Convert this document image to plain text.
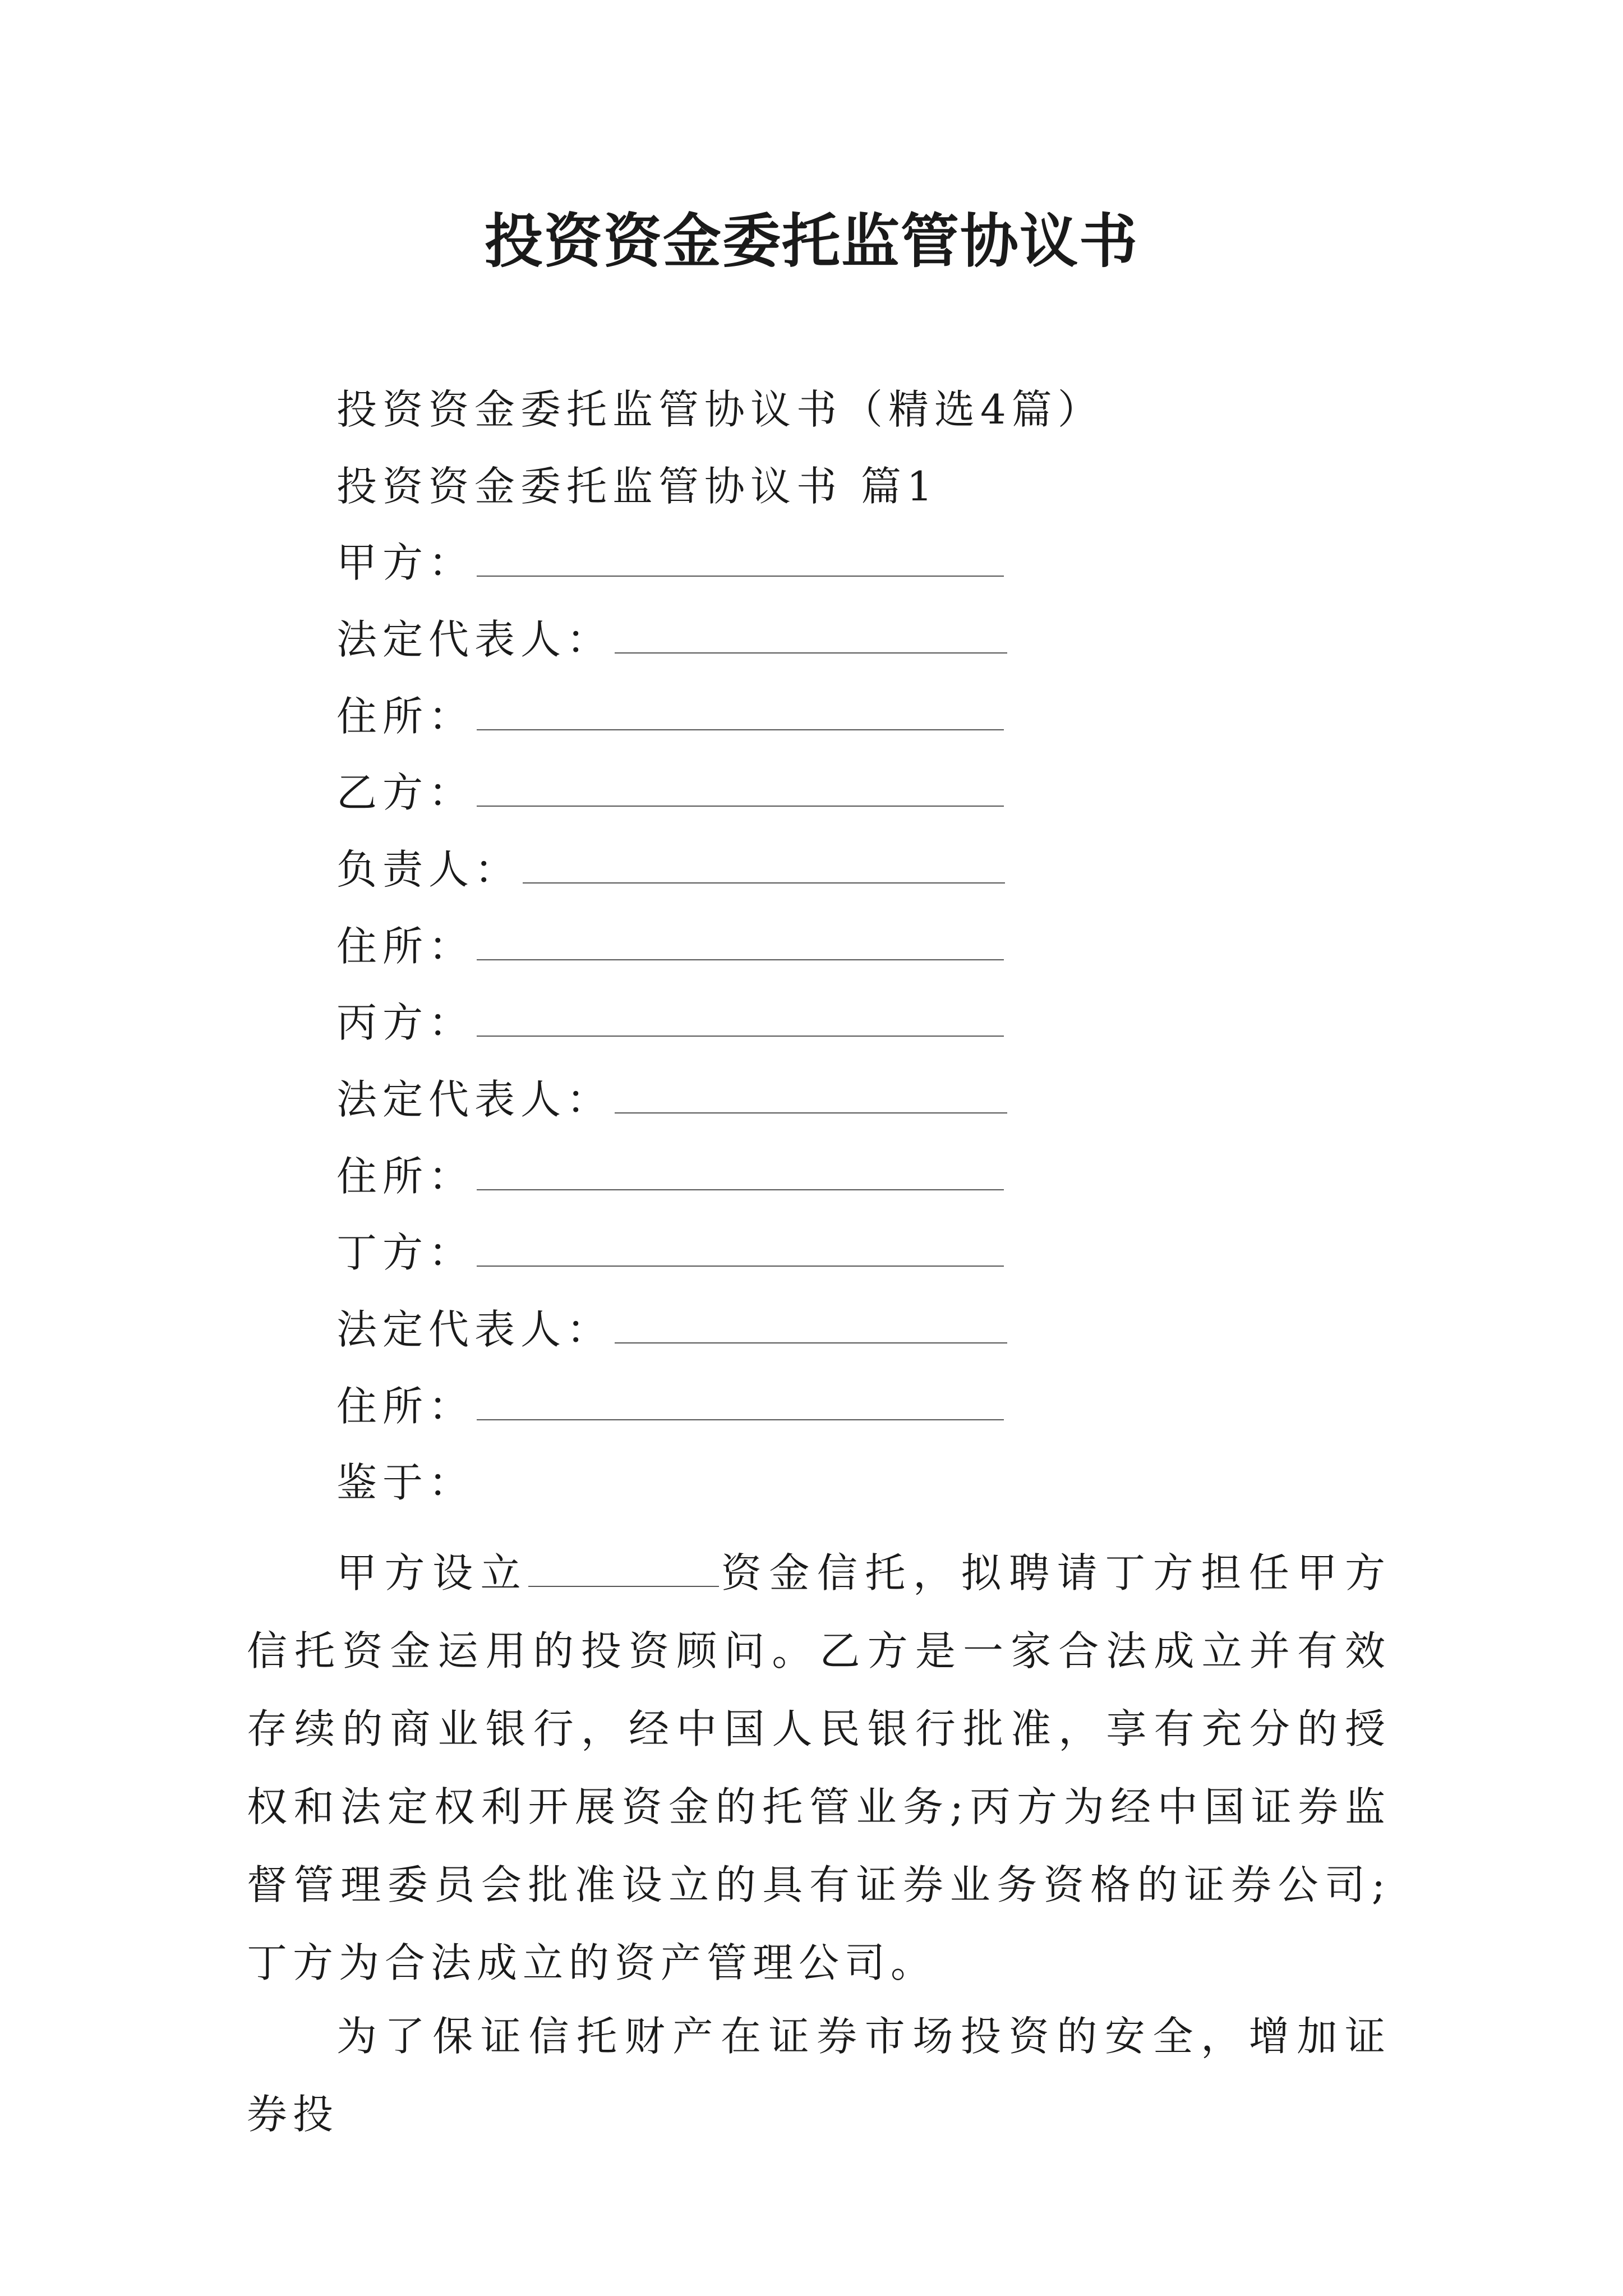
投资资金委托监管协议书
投资资金委托监管协议书（精选4篇）
投资资金委托监管协议书 篇1
甲方：
法定代表人：
住所：
乙方：
负责人：
住所：
丙方：
法定代表人：
住所：
丁方：
法定代表人：
住所：
鉴于：

甲方设立	资金信托，拟聘请丁方担任甲方信托资金运用的投资顾问。乙方是一家合法成立并有效存续的商业银行，经中国人民银行批准，享有充分的授权和法定权利开展资金的托管业务;丙方为经中国证券监督管理委员会批准设立的具有证券业务资格的证券公司;丁方为合法成立的资产管理公司。

为了保证信托财产在证券市场投资的安全，增加证券投
